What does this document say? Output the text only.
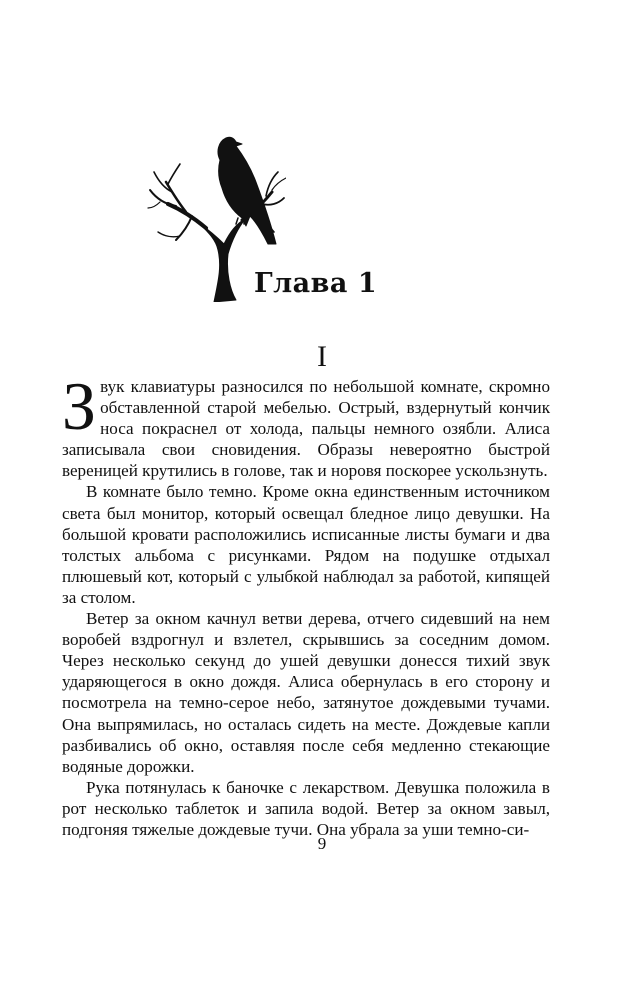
Глава 1
I

Звук клавиатуры разносился по небольшой комнате, скромно обставленной старой мебелью. Острый, вздернутый кончик носа покраснел от холода, пальцы немного озябли. Алиса записывала свои сновидения. Образы невероятно быстрой вереницей крутились в голове, так и норовя поскорее ускользнуть.

В комнате было темно. Кроме окна единственным источником света был монитор, который освещал бледное лицо девушки. На большой кровати расположились исписанные листы бумаги и два толстых альбома с рисунками. Рядом на подушке отдыхал плюшевый кот, который с улыбкой наблюдал за работой, кипящей за столом.

Ветер за окном качнул ветви дерева, отчего сидевший на нем воробей вздрогнул и взлетел, скрывшись за соседним домом. Через несколько секунд до ушей девушки донесся тихий звук ударяющегося в окно дождя. Алиса обернулась в его сторону и посмотрела на темно-серое небо, затянутое дождевыми тучами. Она выпрямилась, но осталась сидеть на месте. Дождевые капли разбивались об окно, оставляя после себя медленно стекающие водяные дорожки.

Рука потянулась к баночке с лекарством. Девушка положила в рот несколько таблеток и запила водой. Ветер за окном завыл, подгоняя тяжелые дождевые тучи. Она убрала за уши темно-си-

9
